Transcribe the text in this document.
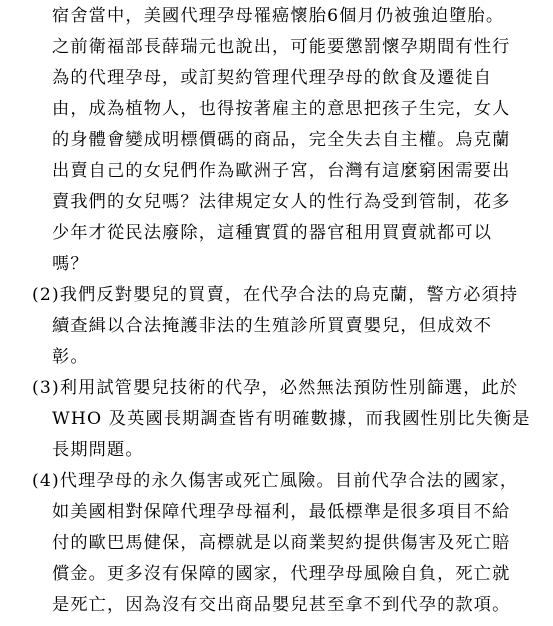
宿舍當中，美國代理孕母罹癌懷胎6個月仍被強迫墮胎。
之前衛福部長薛瑞元也說出，可能要懲罰懷孕期間有性行
為的代理孕母，或訂契約管理代理孕母的飲食及遷徙自
由，成為植物人，也得按著雇主的意思把孩子生完，女人
的身體會變成明標價碼的商品，完全失去自主權。烏克蘭
出賣自己的女兒們作為歐洲子宮，台灣有這麼窮困需要出
賣我們的女兒嗎？法律規定女人的性行為受到管制，花多
少年才從民法廢除，這種實質的器官租用買賣就都可以
嗎？
(2)我們反對嬰兒的買賣，在代孕合法的烏克蘭，警方必須持
續查緝以合法掩護非法的生殖診所買賣嬰兒，但成效不
彰。
(3)利用試管嬰兒技術的代孕，必然無法預防性別篩選，此於
WHO 及英國長期調查皆有明確數據，而我國性別比失衡是
長期問題。
(4)代理孕母的永久傷害或死亡風險。目前代孕合法的國家，
如美國相對保障代理孕母福利，最低標準是很多項目不給
付的歐巴馬健保，高標就是以商業契約提供傷害及死亡賠
償金。更多沒有保障的國家，代理孕母風險自負，死亡就
是死亡，因為沒有交出商品嬰兒甚至拿不到代孕的款項。
